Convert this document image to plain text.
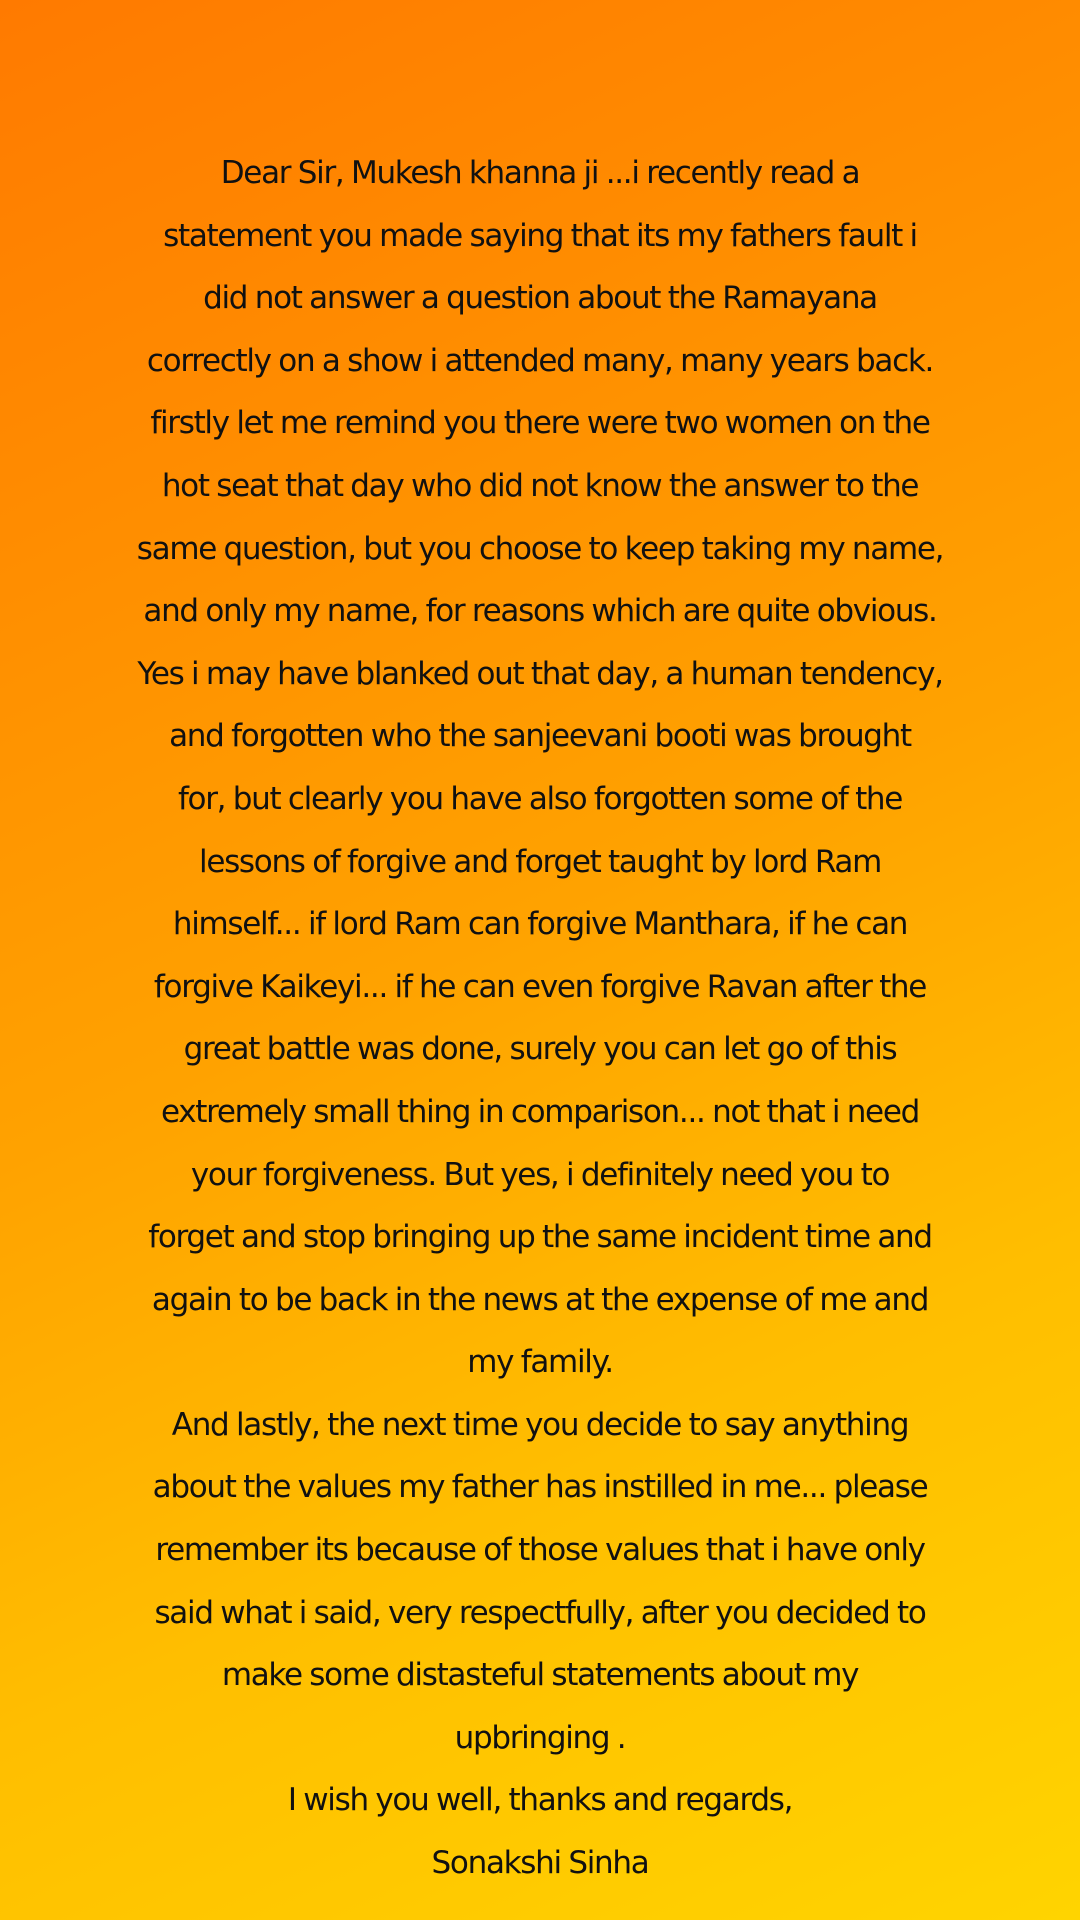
Dear Sir, Mukesh khanna ji ...i recently read a
statement you made saying that its my fathers fault i
did not answer a question about the Ramayana
correctly on a show i attended many, many years back.
firstly let me remind you there were two women on the
hot seat that day who did not know the answer to the
same question, but you choose to keep taking my name,
and only my name, for reasons which are quite obvious.
Yes i may have blanked out that day, a human tendency,
and forgotten who the sanjeevani booti was brought
for, but clearly you have also forgotten some of the
lessons of forgive and forget taught by lord Ram
himself... if lord Ram can forgive Manthara, if he can
forgive Kaikeyi... if he can even forgive Ravan after the
great battle was done, surely you can let go of this
extremely small thing in comparison... not that i need
your forgiveness. But yes, i definitely need you to
forget and stop bringing up the same incident time and
again to be back in the news at the expense of me and
my family.
And lastly, the next time you decide to say anything
about the values my father has instilled in me... please
remember its because of those values that i have only
said what i said, very respectfully, after you decided to
make some distasteful statements about my
upbringing .
I wish you well, thanks and regards,
Sonakshi Sinha
